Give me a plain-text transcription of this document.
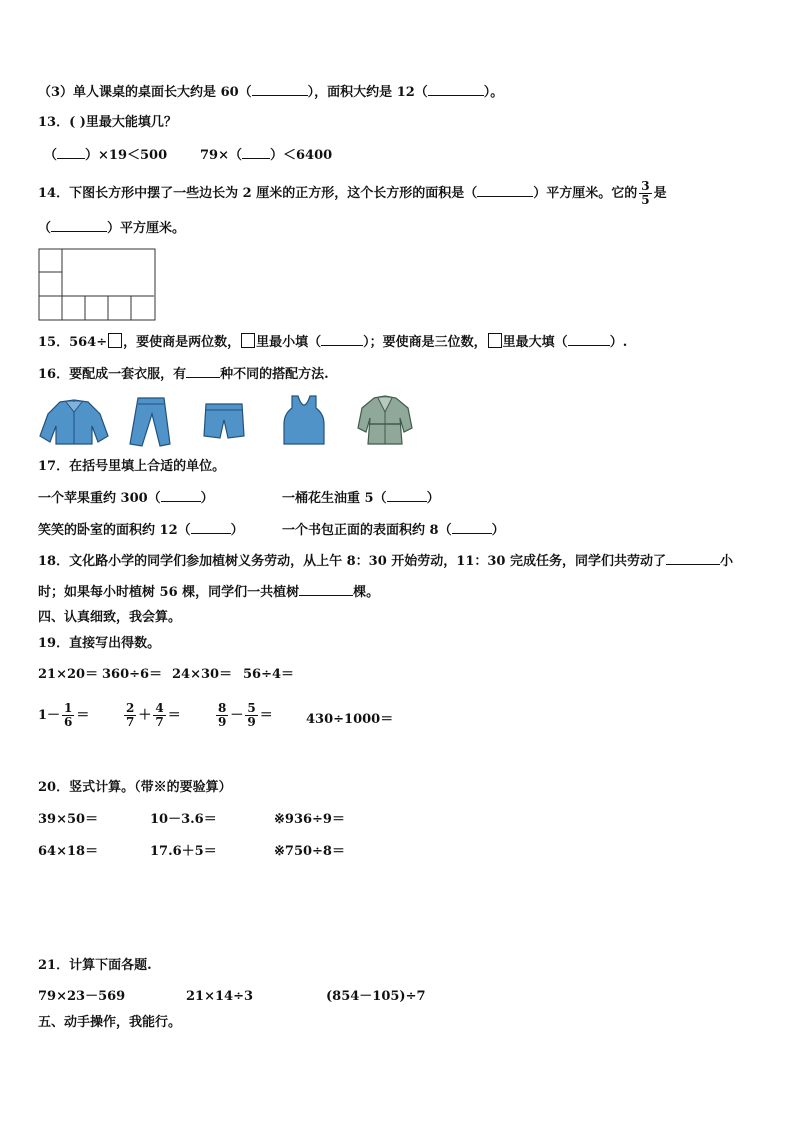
（3）单人课桌的桌面长大约是 60（	），面积大约是 12（	）。
13．( )里最大能填几？
（ ）×19＜500	79×（ ）＜6400
14．下图长方形中摆了一些边长为 2 厘米的正方形，这个长方形的面积是（	）平方厘米。它的 $\frac{3}{5}$ 是
（	）平方厘米。
15．564÷ ，要使商是两位数， 里最小填（	）；要使商是三位数， 里最大填（	）.
16．要配成一套衣服，有	种不同的搭配方法.
17．在括号里填上合适的单位。
一个苹果重约 300（	）	一桶花生油重 5（	）
笑笑的卧室的面积约 12（	）	一个书包正面的表面积约 8（	）
18．文化路小学的同学们参加植树义务劳动，从上午 8：30 开始劳动，11：30 完成任务，同学们共劳动了	小
时；如果每小时植树 56 棵，同学们一共植树	棵。
四、认真细致，我会算。
19．直接写出得数。
21×20＝ 360÷6＝ 24×30＝ 56÷4＝
$1- \frac{1}{6}$ ＝	$\frac{2}{7} + \frac{4}{7}$ ＝	$\frac{8}{9} - \frac{5}{9}$ ＝	430÷1000＝
20．竖式计算。（带※的要验算）
39×50＝	10－3.6＝	※936÷9＝
64×18＝	17.6＋5＝	※750÷8＝
21．计算下面各题.
79×23－569	21×14÷3	(854－105)÷7
五、动手操作，我能行。
